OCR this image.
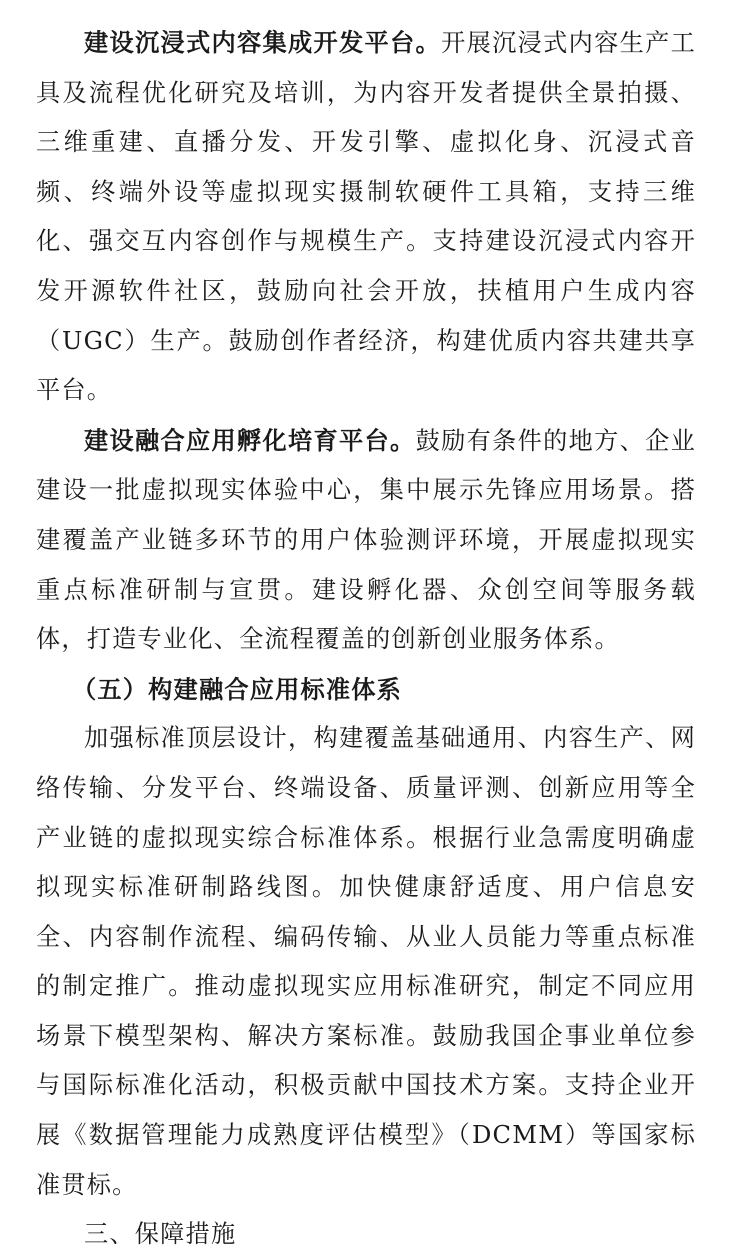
建设沉浸式内容集成开发平台。开展沉浸式内容生产工具及流程优化研究及培训，为内容开发者提供全景拍摄、三维重建、直播分发、开发引擎、虚拟化身、沉浸式音频、终端外设等虚拟现实摄制软硬件工具箱，支持三维化、强交互内容创作与规模生产。支持建设沉浸式内容开发开源软件社区，鼓励向社会开放，扶植用户生成内容（UGC）生产。鼓励创作者经济，构建优质内容共建共享平台。

建设融合应用孵化培育平台。鼓励有条件的地方、企业建设一批虚拟现实体验中心，集中展示先锋应用场景。搭建覆盖产业链多环节的用户体验测评环境，开展虚拟现实重点标准研制与宣贯。建设孵化器、众创空间等服务载体，打造专业化、全流程覆盖的创新创业服务体系。

（五）构建融合应用标准体系

加强标准顶层设计，构建覆盖基础通用、内容生产、网络传输、分发平台、终端设备、质量评测、创新应用等全产业链的虚拟现实综合标准体系。根据行业急需度明确虚拟现实标准研制路线图。加快健康舒适度、用户信息安全、内容制作流程、编码传输、从业人员能力等重点标准的制定推广。推动虚拟现实应用标准研究，制定不同应用场景下模型架构、解决方案标准。鼓励我国企事业单位参与国际标准化活动，积极贡献中国技术方案。支持企业开展《数据管理能力成熟度评估模型》（DCMM）等国家标准贯标。

三、保障措施
